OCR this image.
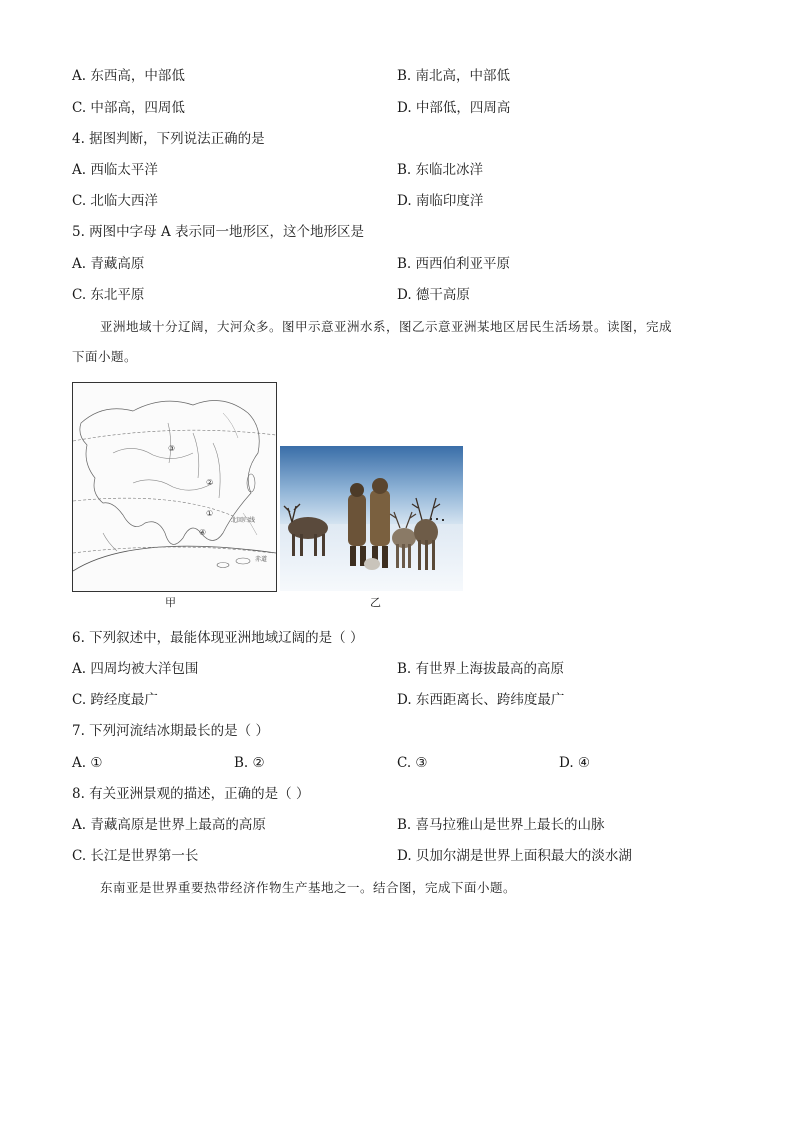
A. 东西高，中部低	B. 南北高，中部低
C. 中部高，四周低	D. 中部低，四周高
4. 据图判断，下列说法正确的是
A. 西临太平洋	B. 东临北冰洋
C. 北临大西洋	D. 南临印度洋
5. 两图中字母 A 表示同一地形区，这个地形区是
A. 青藏高原	B. 西西伯利亚平原
C. 东北平原	D. 德干高原
亚洲地域十分辽阔，大河众多。图甲示意亚洲水系，图乙示意亚洲某地区居民生活场景。读图，完成
下面小题。
①
②
③
④
北回归线
赤道
甲	乙
6. 下列叙述中，最能体现亚洲地域辽阔的是（ ）
A. 四周均被大洋包围	B. 有世界上海拔最高的高原
C. 跨经度最广	D. 东西距离长、跨纬度最广
7. 下列河流结冰期最长的是（ ）
A. ①	B. ②	C. ③	D. ④
8. 有关亚洲景观的描述，正确的是（ ）
A. 青藏高原是世界上最高的高原	B. 喜马拉雅山是世界上最长的山脉
C. 长江是世界第一长	D. 贝加尔湖是世界上面积最大的淡水湖
东南亚是世界重要热带经济作物生产基地之一。结合图，完成下面小题。
